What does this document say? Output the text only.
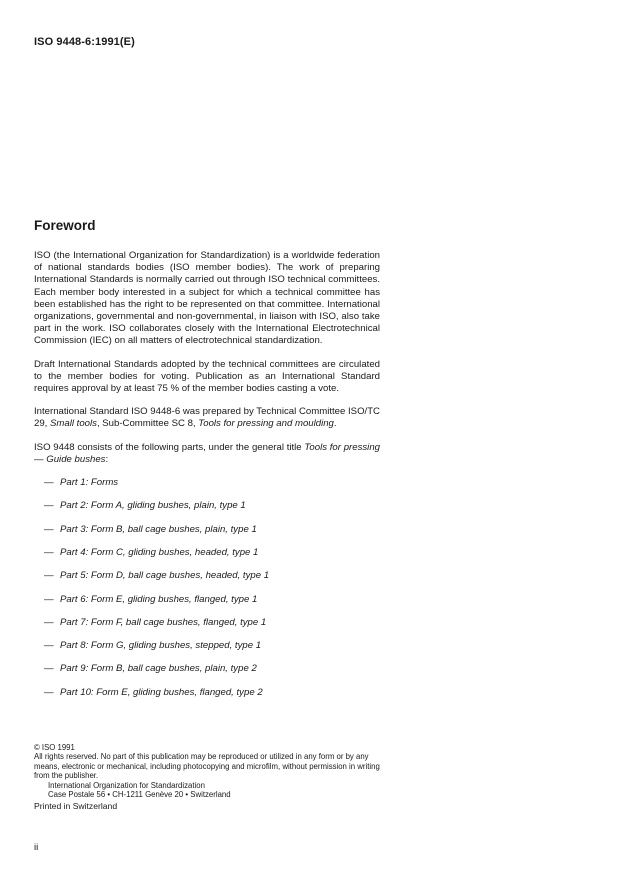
ISO 9448-6:1991(E)
Foreword

ISO (the International Organization for Standardization) is a worldwide federation of national standards bodies (ISO member bodies). The work of preparing International Standards is normally carried out through ISO technical committees. Each member body interested in a subject for which a technical committee has been established has the right to be represented on that committee. International organizations, governmental and non-governmental, in liaison with ISO, also take part in the work. ISO collaborates closely with the International Electrotechnical Commission (IEC) on all matters of electrotechnical standardization.

Draft International Standards adopted by the technical committees are circulated to the member bodies for voting. Publication as an International Standard requires approval by at least 75 % of the member bodies casting a vote.

International Standard ISO 9448-6 was prepared by Technical Committee ISO/TC 29, Small tools, Sub-Committee SC 8, Tools for pressing and moulding.

ISO 9448 consists of the following parts, under the general title Tools for pressing — Guide bushes:

— Part 1: Forms
— Part 2: Form A, gliding bushes, plain, type 1
— Part 3: Form B, ball cage bushes, plain, type 1
— Part 4: Form C, gliding bushes, headed, type 1
— Part 5: Form D, ball cage bushes, headed, type 1
— Part 6: Form E, gliding bushes, flanged, type 1
— Part 7: Form F, ball cage bushes, flanged, type 1
— Part 8: Form G, gliding bushes, stepped, type 1
— Part 9: Form B, ball cage bushes, plain, type 2
— Part 10: Form E, gliding bushes, flanged, type 2

© ISO 1991

All rights reserved. No part of this publication may be reproduced or utilized in any form or by any means, electronic or mechanical, including photocopying and microfilm, without permission in writing from the publisher.

International Organization for Standardization

Case Postale 56 • CH-1211 Genève 20 • Switzerland

Printed in Switzerland

ii
